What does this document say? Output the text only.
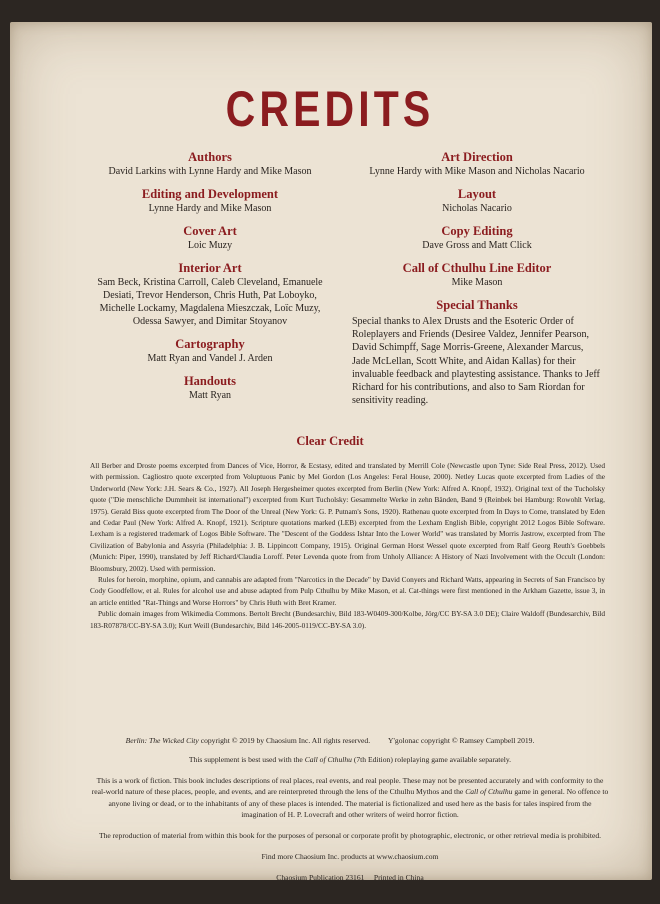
CREDITS
Authors
David Larkins with Lynne Hardy and Mike Mason
Editing and Development
Lynne Hardy and Mike Mason
Cover Art
Loic Muzy
Interior Art
Sam Beck, Kristina Carroll, Caleb Cleveland, Emanuele Desiati, Trevor Henderson, Chris Huth, Pat Loboyko, Michelle Lockamy, Magdalena Mieszczak, Loïc Muzy, Odessa Sawyer, and Dimitar Stoyanov
Cartography
Matt Ryan and Vandel J. Arden
Handouts
Matt Ryan
Art Direction
Lynne Hardy with Mike Mason and Nicholas Nacario
Layout
Nicholas Nacario
Copy Editing
Dave Gross and Matt Click
Call of Cthulhu Line Editor
Mike Mason
Special Thanks
Special thanks to Alex Drusts and the Esoteric Order of Roleplayers and Friends (Desiree Valdez, Jennifer Pearson, David Schimpff, Sage Morris-Greene, Alexander Marcus, Jade McLellan, Scott White, and Aidan Kallas) for their invaluable feedback and playtesting assistance. Thanks to Jeff Richard for his contributions, and also to Sam Riordan for sensitivity reading.
Clear Credit

All Berber and Droste poems excerpted from Dances of Vice, Horror, & Ecstasy, edited and translated by Merrill Cole (Newcastle upon Tyne: Side Real Press, 2012). Used with permission. Cagliostro quote excerpted from Voluptuous Panic by Mel Gordon (Los Angeles: Feral House, 2000). Netley Lucas quote excerpted from Ladies of the Underworld (New York: J.H. Sears & Co., 1927). All Joseph Hergesheimer quotes excerpted from Berlin (New York: Alfred A. Knopf, 1932). Original text of the Tucholsky quote ("Die menschliche Dummheit ist international") excerpted from Kurt Tucholsky: Gesammelte Werke in zehn Bänden, Band 9 (Reinbek bei Hamburg: Rowohlt Verlag, 1975). Gerald Biss quote excerpted from The Door of the Unreal (New York: G. P. Putnam's Sons, 1920). Rathenau quote excerpted from In Days to Come, translated by Eden and Cedar Paul (New York: Alfred A. Knopf, 1921). Scripture quotations marked (LEB) excerpted from the Lexham English Bible, copyright 2012 Logos Bible Software. Lexham is a registered trademark of Logos Bible Software. The "Descent of the Goddess Ishtar Into the Lower World" was translated by Morris Jastrow, excerpted from The Civilization of Babylonia and Assyria (Philadelphia: J. B. Lippincott Company, 1915). Original German Horst Wessel quote excerpted from Ralf Georg Reuth's Goebbels (Munich: Piper, 1990), translated by Jeff Richard/Claudia Loroff. Peter Levenda quote from from Unholy Alliance: A History of Nazi Involvement with the Occult (London: Bloomsbury, 2002). Used with permission.

Rules for heroin, morphine, opium, and cannabis are adapted from "Narcotics in the Decade" by David Conyers and Richard Watts, appearing in Secrets of San Francisco by Cody Goodfellow, et al. Rules for alcohol use and abuse adapted from Pulp Cthulhu by Mike Mason, et al. Cat-things were first mentioned in the Arkham Gazette, issue 3, in an article entitled "Rat-Things and Worse Horrors" by Chris Huth with Bret Kramer.

Public domain images from Wikimedia Commons. Bertolt Brecht (Bundesarchiv, Bild 183-W0409-300/Kolbe, Jörg/CC BY-SA 3.0 DE); Claire Waldoff (Bundesarchiv, Bild 183-R07878/CC-BY-SA 3.0); Kurt Weill (Bundesarchiv, Bild 146-2005-0119/CC-BY-SA 3.0).

Berlin: The Wicked City copyright © 2019 by Chaosium Inc. All rights reserved. Y'golonac copyright © Ramsey Campbell 2019.

This supplement is best used with the Call of Cthulhu (7th Edition) roleplaying game available separately.

This is a work of fiction. This book includes descriptions of real places, real events, and real people. These may not be presented accurately and with conformity to the real-world nature of these places, people, and events, and are reinterpreted through the lens of the Cthulhu Mythos and the Call of Cthulhu game in general. No offence to anyone living or dead, or to the inhabitants of any of these places is intended. The material is fictionalized and used here as the basis for tales inspired from the imagination of H. P. Lovecraft and other writers of weird horror fiction.

The reproduction of material from within this book for the purposes of personal or corporate profit by photographic, electronic, or other retrieval media is prohibited.

Find more Chaosium Inc. products at www.chaosium.com

Chaosium Publication 23161     Printed in China
